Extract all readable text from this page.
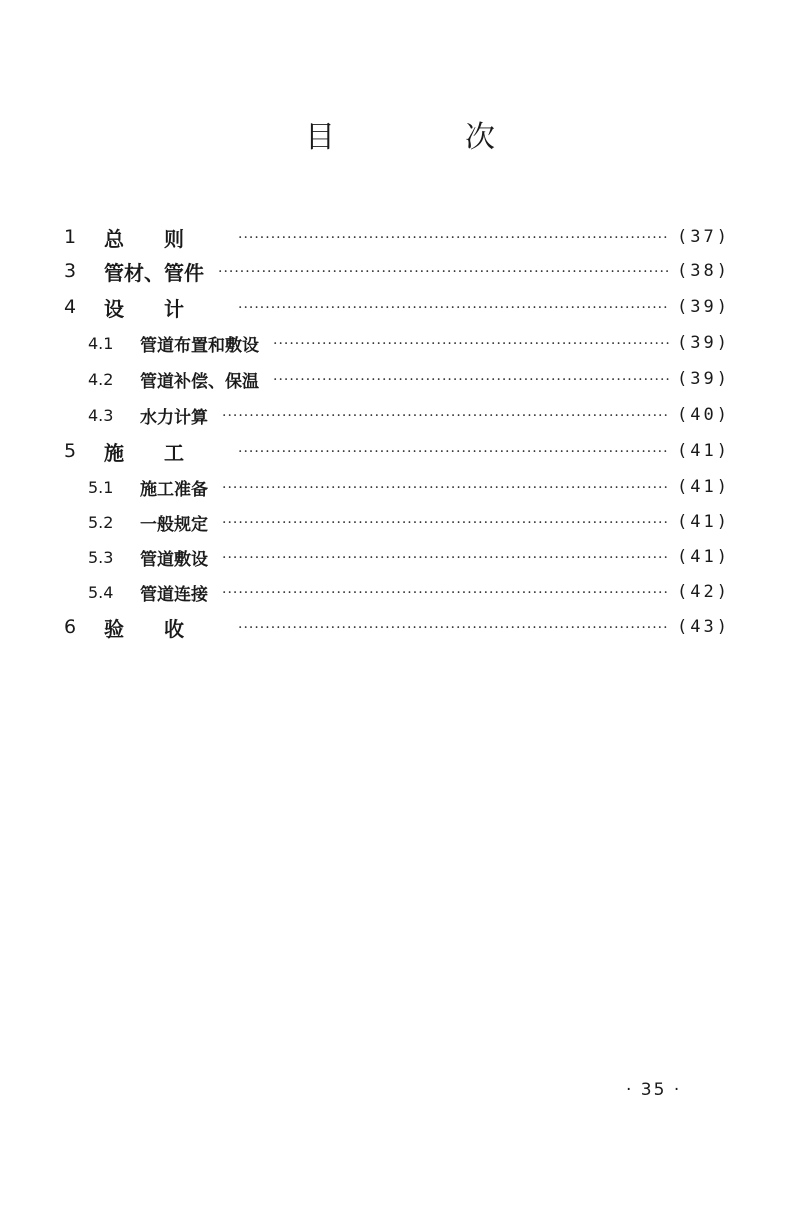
目　次
1	总则 ·····	(37)
3	管材、管件 ·····	(38)
4	设计 ·····	(39)
4.1	管道布置和敷设 ·····	(39)
4.2	管道补偿、保温 ·····	(39)
4.3	水力计算 ·····	(40)
5	施工 ·····	(41)
5.1	施工准备 ·····	(41)
5.2	一般规定 ·····	(41)
5.3	管道敷设 ·····	(41)
5.4	管道连接 ·····	(42)
6	验收 ·····	(43)
· 35 ·
